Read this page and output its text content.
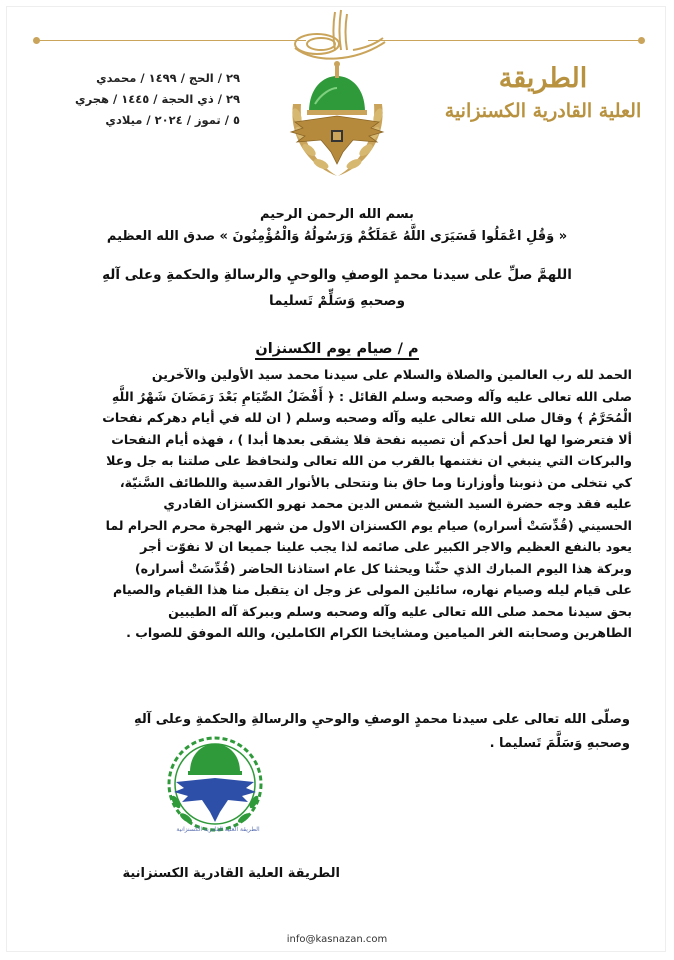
٢٩ / الحج / ١٤٩٩ / محمدي
٢٩ / ذي الحجة / ١٤٤٥ / هجري
٥ / تموز / ٢٠٢٤ / ميلادي
الطريقة
العلية القادرية الكسنزانية
بسم الله الرحمن الرحيم
« وَقُلِ اعْمَلُوا فَسَيَرَى اللَّهُ عَمَلَكُمْ وَرَسُولُهُ وَالْمُؤْمِنُونَ » صدق الله العظيم
اللهمَّ صلِّ على سيدنا محمدٍ الوصفِ والوحيِ والرسالةِ والحكمةِ وعلى آلهِ
وصحبهِ وَسَلِّمْ تَسليما
م / صيام يوم الكسنزان

الحمد لله رب العالمين والصلاة والسلام على سيدنا محمد سيد الأولين والآخرين

صلى الله تعالى عليه وآله وصحبه وسلم القائل : ﴿ أَفْضَلُ الصِّيَامِ بَعْدَ رَمَضَانَ شَهْرُ اللَّهِ

الْمُحَرَّمُ ﴾ وقال صلى الله تعالى عليه وآله وصحبه وسلم ( ان لله في أيام دهركم نفحات

ألا فتعرضوا لها لعل أحدكم أن تصيبه نفحة فلا يشقى بعدها أبدا ) ، فهذه أيام النفحات

والبركات التي ينبغي ان نغتنمها بالقرب من الله تعالى ولنحافظ على صلتنا به جل وعلا

كي نتخلى من ذنوبنا وأوزارنا وما حاق بنا ونتحلى بالأنوار القدسية واللطائف السَّنيّة،

عليه فقد وجه حضرة السيد الشيخ شمس الدين محمد نهرو الكسنزان القادري

الحسيني (قُدِّسَتْ أسراره) صيام يوم الكسنزان الاول من شهر الهجرة محرم الحرام لما

يعود بالنفع العظيم والاجر الكبير على صائمه لذا يجب علينا جميعا ان لا نفوّت أجر

وبركة هذا اليوم المبارك الذي حثّنا ويحثنا كل عام استاذنا الحاضر (قُدِّسَتْ أسراره)

على قيام ليله وصيام نهاره، سائلين المولى عز وجل ان يتقبل منا هذا القيام والصيام

بحق سيدنا محمد صلى الله تعالى عليه وآله وصحبه وسلم وببركة آله الطيبين

الطاهرين وصحابته الغر الميامين ومشايخنا الكرام الكاملين، والله الموفق للصواب .

وصلّى الله تعالى على سيدنا محمدٍ الوصفِ والوحيِ والرسالةِ والحكمةِ وعلى آلهِ
وصحبهِ وَسَلَّمَ تَسليما .
الطريقة العلية القادرية الكسنزانية
الطريقة العلية القادرية الكسنزانية
info@kasnazan.com
